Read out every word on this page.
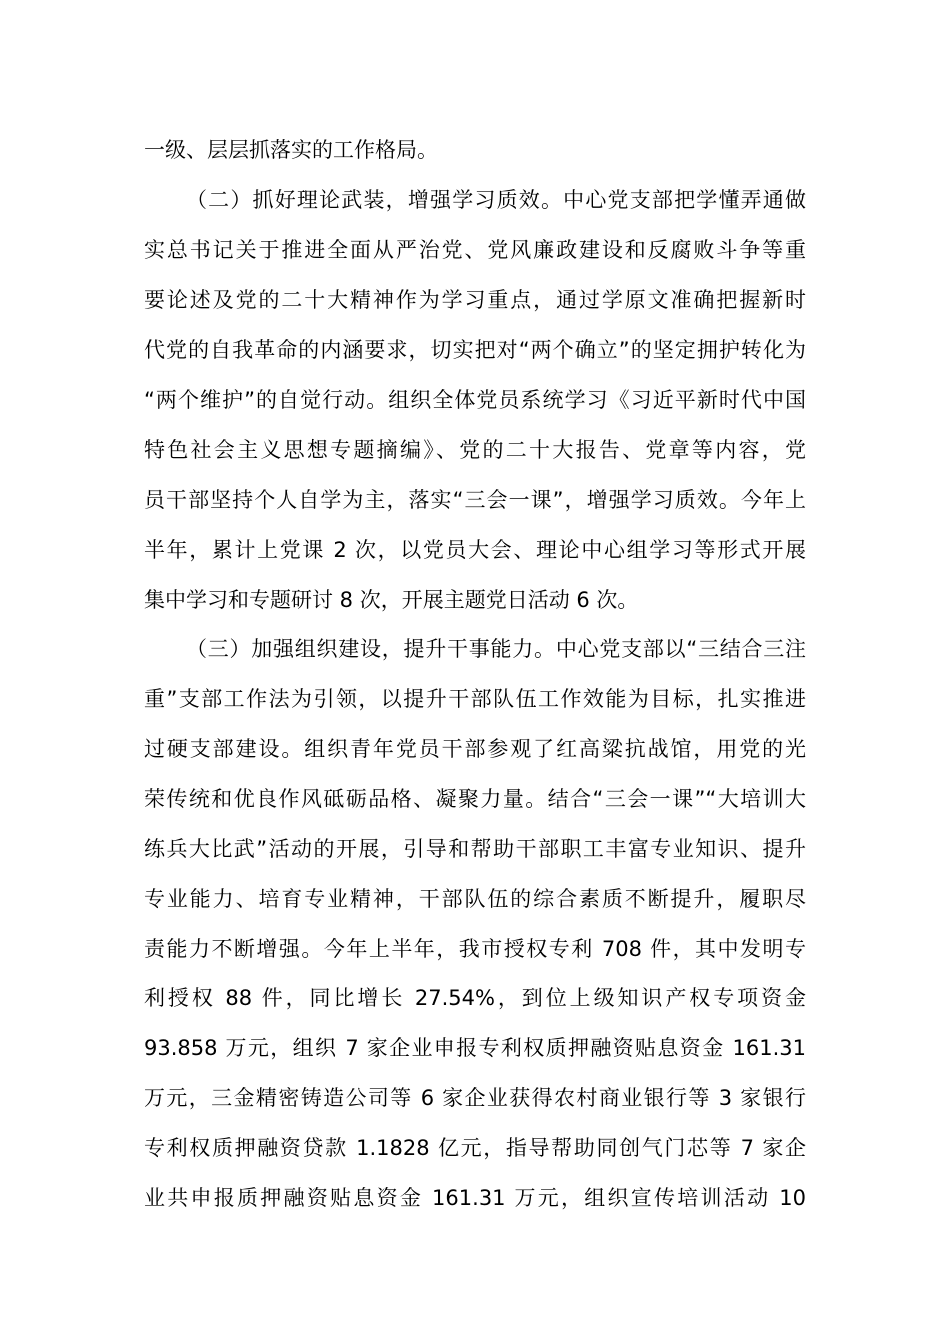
一级、层层抓落实的工作格局。
（二）抓好理论武装，增强学习质效。中心党支部把学懂弄通做
实总书记关于推进全面从严治党、党风廉政建设和反腐败斗争等重
要论述及党的二十大精神作为学习重点，通过学原文准确把握新时
代党的自我革命的内涵要求，切实把对“两个确立”的坚定拥护转化为
“两个维护”的自觉行动。组织全体党员系统学习《习近平新时代中国
特色社会主义思想专题摘编》、党的二十大报告、党章等内容，党
员干部坚持个人自学为主，落实“三会一课”，增强学习质效。今年上
半年，累计上党课 2 次，以党员大会、理论中心组学习等形式开展
集中学习和专题研讨 8 次，开展主题党日活动 6 次。
（三）加强组织建设，提升干事能力。中心党支部以“三结合三注
重”支部工作法为引领，以提升干部队伍工作效能为目标，扎实推进
过硬支部建设。组织青年党员干部参观了红高粱抗战馆，用党的光
荣传统和优良作风砥砺品格、凝聚力量。结合“三会一课”“大培训大
练兵大比武”活动的开展，引导和帮助干部职工丰富专业知识、提升
专业能力、培育专业精神，干部队伍的综合素质不断提升，履职尽
责能力不断增强。今年上半年，我市授权专利 708 件，其中发明专
利授权 88 件，同比增长 27.54%，到位上级知识产权专项资金
93.858 万元，组织 7 家企业申报专利权质押融资贴息资金 161.31
万元，三金精密铸造公司等 6 家企业获得农村商业银行等 3 家银行
专利权质押融资贷款 1.1828 亿元，指导帮助同创气门芯等 7 家企
业共申报质押融资贴息资金 161.31 万元，组织宣传培训活动 10
